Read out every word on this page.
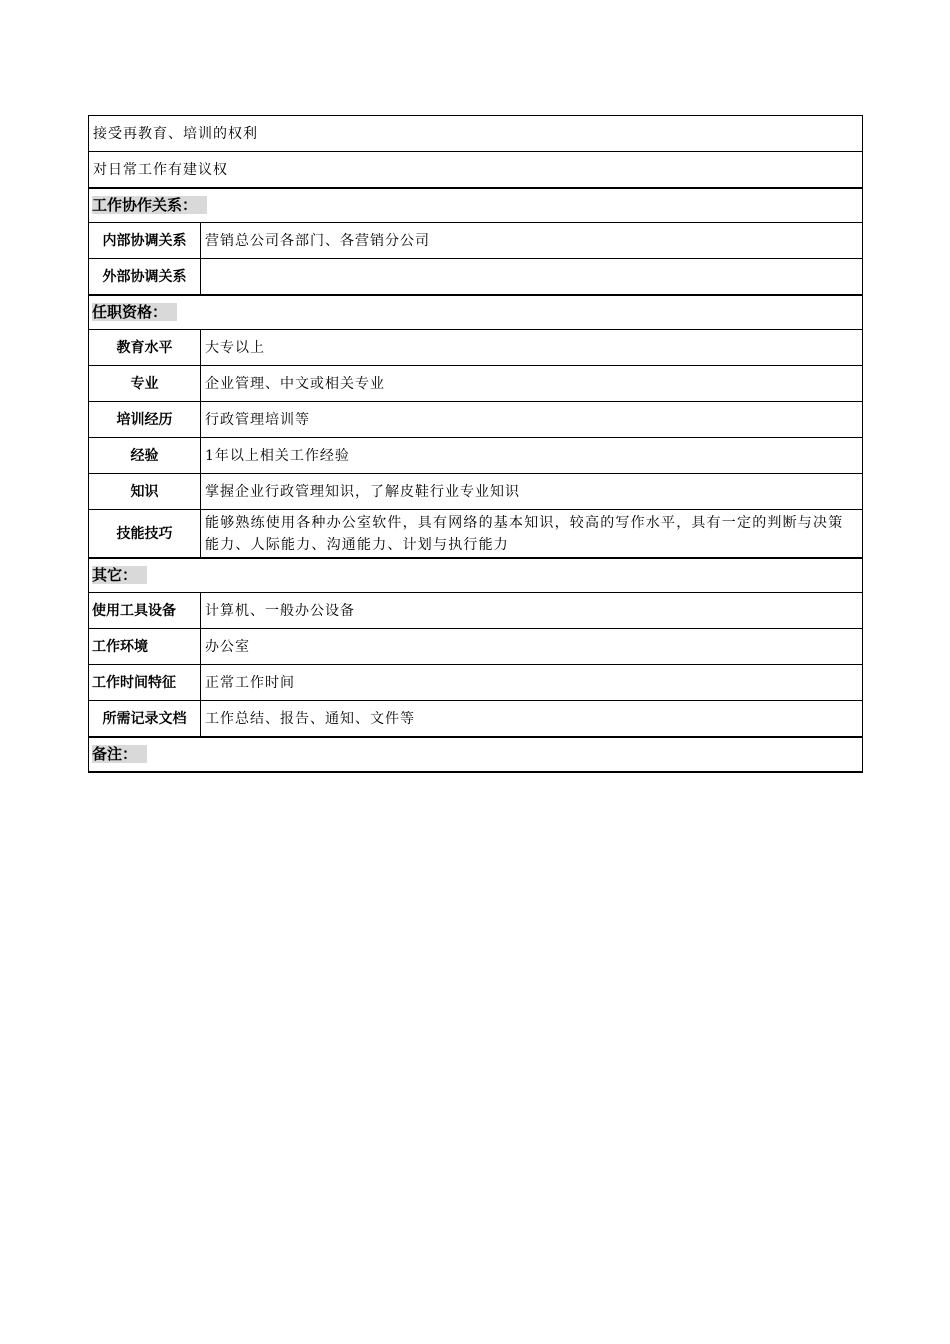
接受再教育、培训的权利	
对日常工作有建议权	
工作协作关系：	
内部协调关系	营销总公司各部门、各营销分公司
外部协调关系	
任职资格：	
教育水平	大专以上
专业	企业管理、中文或相关专业
培训经历	行政管理培训等
经验	1年以上相关工作经验
知识	掌握企业行政管理知识，了解皮鞋行业专业知识
技能技巧	能够熟练使用各种办公室软件，具有网络的基本知识，较高的写作水平，具有一定的判断与决策能力、人际能力、沟通能力、计划与执行能力
其它：	
使用工具设备	计算机、一般办公设备
工作环境	办公室
工作时间特征	正常工作时间
所需记录文档	工作总结、报告、通知、文件等
备注：	
